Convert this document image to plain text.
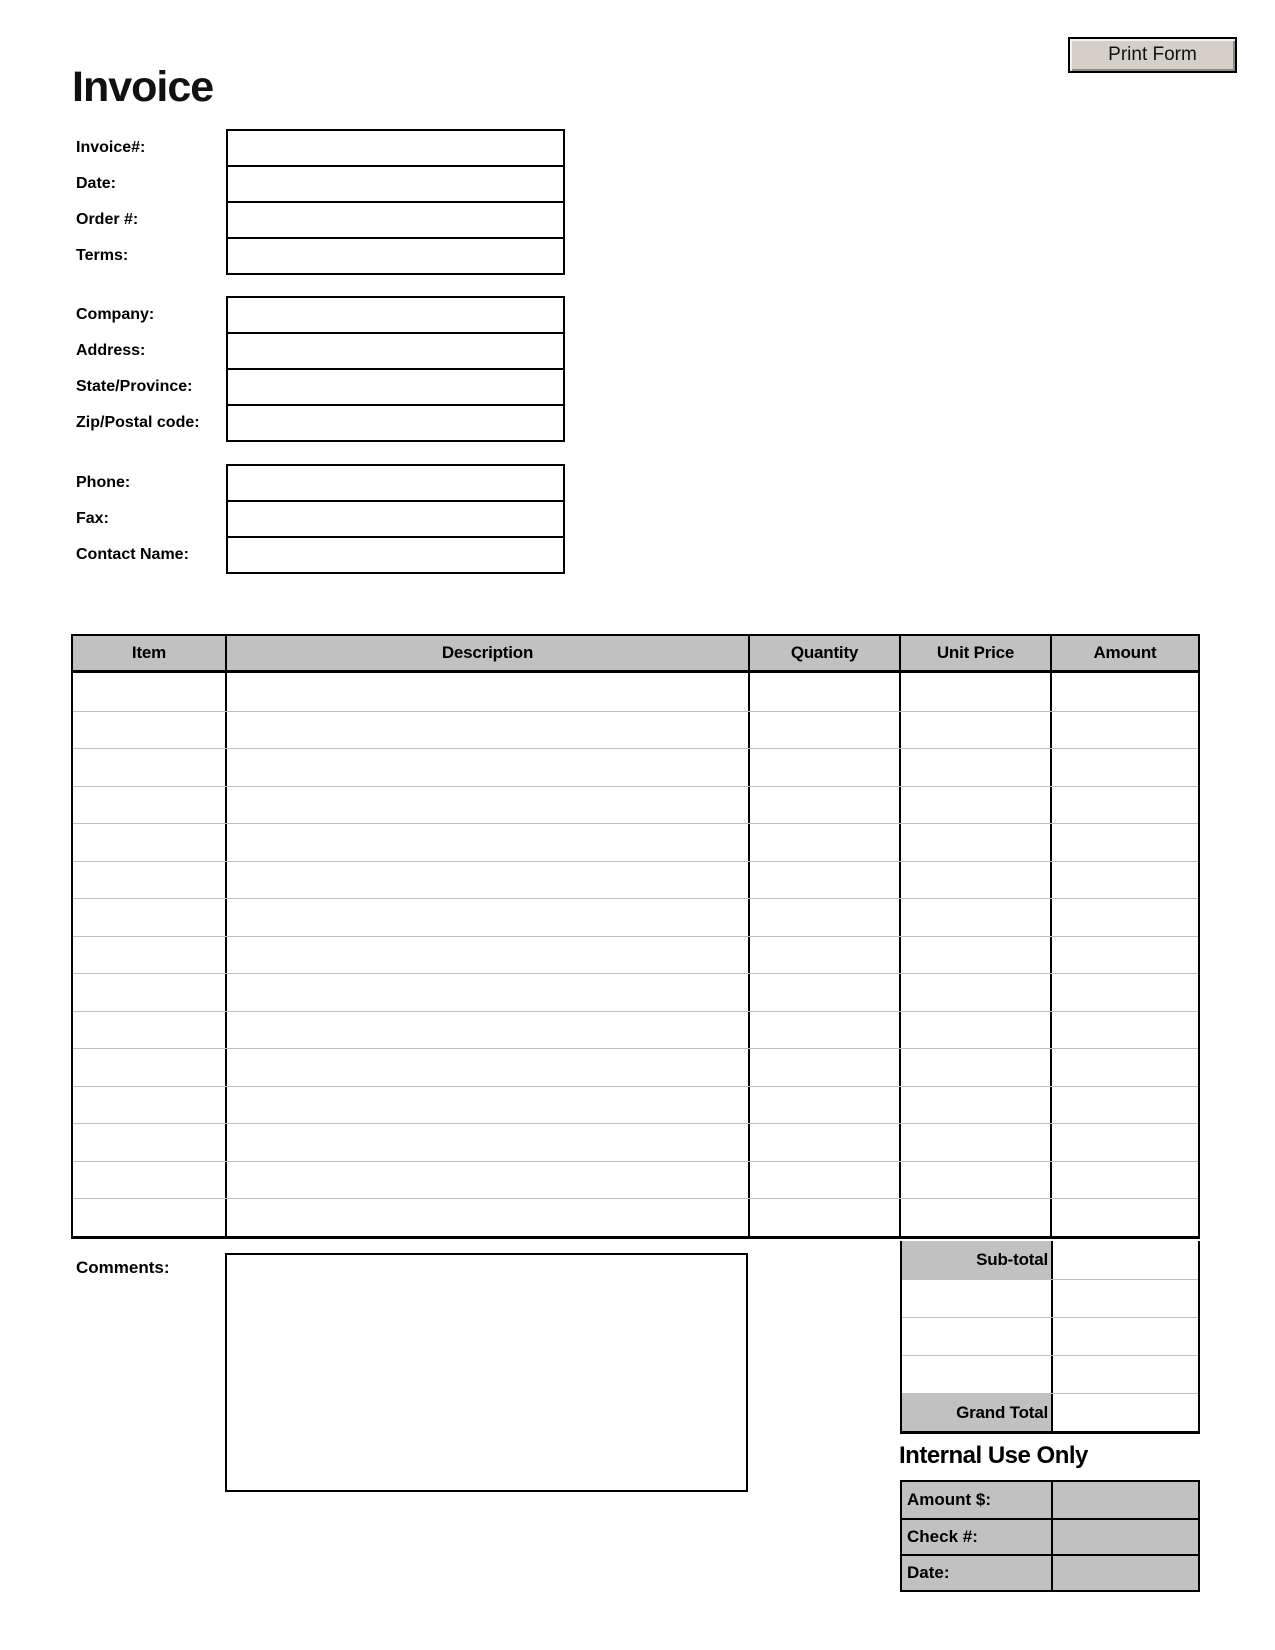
Print Form
Invoice
Invoice#:
Date:
Order #:
Terms:
Company:
Address:
State/Province:
Zip/Postal code:
Phone:
Fax:
Contact Name:
Item	Description	Quantity	Unit Price	Amount
Sub-total
Grand Total
Comments:
Internal Use Only
Amount $:
Check #:
Date:
